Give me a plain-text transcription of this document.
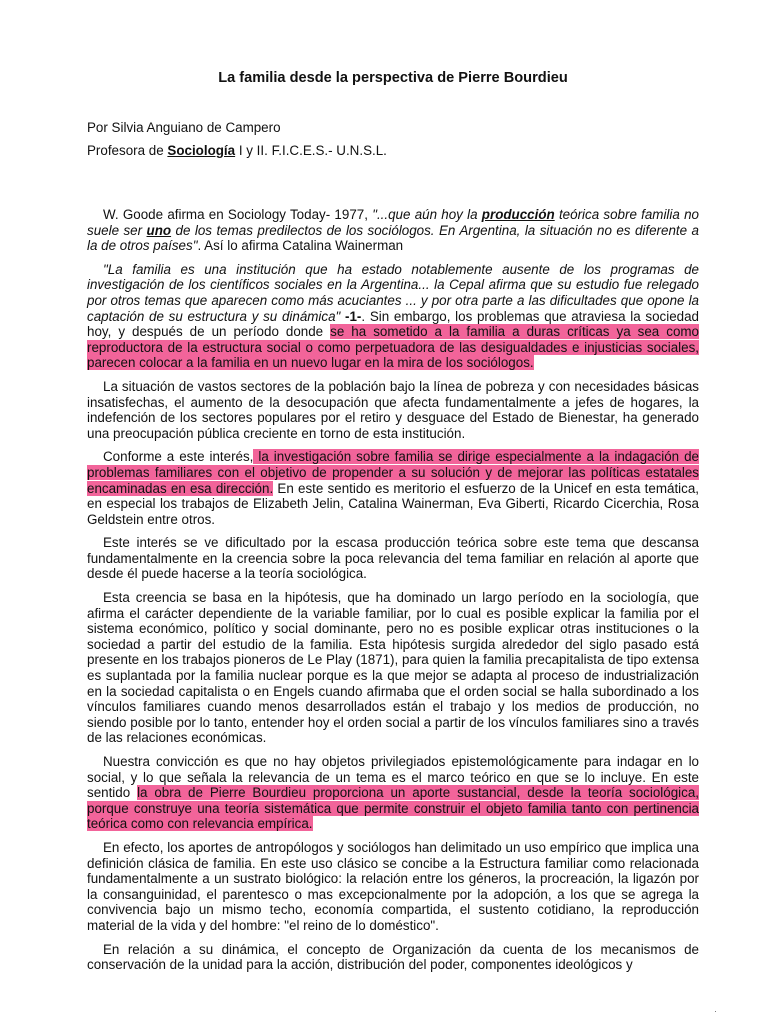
La familia desde la perspectiva de Pierre Bourdieu
Por Silvia Anguiano de Campero
Profesora de Sociología I y II. F.I.C.E.S.- U.N.S.L.

W. Goode afirma en Sociology Today- 1977, "...que aún hoy la producción teórica sobre familia no suele ser uno de los temas predilectos de los sociólogos. En Argentina, la situación no es diferente a la de otros países". Así lo afirma Catalina Wainerman

"La familia es una institución que ha estado notablemente ausente de los programas de investigación de los científicos sociales en la Argentina... la Cepal afirma que su estudio fue relegado por otros temas que aparecen como más acuciantes ... y por otra parte a las dificultades que opone la captación de su estructura y su dinámica" -1-. Sin embargo, los problemas que atraviesa la sociedad hoy, y después de un período donde se ha sometido a la familia a duras críticas ya sea como reproductora de la estructura social o como perpetuadora de las desigualdades e injusticias sociales, parecen colocar a la familia en un nuevo lugar en la mira de los sociólogos.

La situación de vastos sectores de la población bajo la línea de pobreza y con necesidades básicas insatisfechas, el aumento de la desocupación que afecta fundamentalmente a jefes de hogares, la indefención de los sectores populares por el retiro y desguace del Estado de Bienestar, ha generado una preocupación pública creciente en torno de esta institución.

Conforme a este interés, la investigación sobre familia se dirige especialmente a la indagación de problemas familiares con el objetivo de propender a su solución y de mejorar las políticas estatales encaminadas en esa dirección. En este sentido es meritorio el esfuerzo de la Unicef en esta temática, en especial los trabajos de Elizabeth Jelin, Catalina Wainerman, Eva Giberti, Ricardo Cicerchia, Rosa Geldstein entre otros.

Este interés se ve dificultado por la escasa producción teórica sobre este tema que descansa fundamentalmente en la creencia sobre la poca relevancia del tema familiar en relación al aporte que desde él puede hacerse a la teoría sociológica.

Esta creencia se basa en la hipótesis, que ha dominado un largo período en la sociología, que afirma el carácter dependiente de la variable familiar, por lo cual es posible explicar la familia por el sistema económico, político y social dominante, pero no es posible explicar otras instituciones o la sociedad a partir del estudio de la familia. Esta hipótesis surgida alrededor del siglo pasado está presente en los trabajos pioneros de Le Play (1871), para quien la familia precapitalista de tipo extensa es suplantada por la familia nuclear porque es la que mejor se adapta al proceso de industrialización en la sociedad capitalista o en Engels cuando afirmaba que el orden social se halla subordinado a los vínculos familiares cuando menos desarrollados están el trabajo y los medios de producción, no siendo posible por lo tanto, entender hoy el orden social a partir de los vínculos familiares sino a través de las relaciones económicas.

Nuestra convicción es que no hay objetos privilegiados epistemológicamente para indagar en lo social, y lo que señala la relevancia de un tema es el marco teórico en que se lo incluye. En este sentido la obra de Pierre Bourdieu proporciona un aporte sustancial, desde la teoría sociológica, porque construye una teoría sistemática que permite construir el objeto familia tanto con pertinencia teórica como con relevancia empírica.

En efecto, los aportes de antropólogos y sociólogos han delimitado un uso empírico que implica una definición clásica de familia. En este uso clásico se concibe a la Estructura familiar como relacionada fundamentalmente a un sustrato biológico: la relación entre los géneros, la procreación, la ligazón por la consanguinidad, el parentesco o mas excepcionalmente por la adopción, a los que se agrega la convivencia bajo un mismo techo, economía compartida, el sustento cotidiano, la reproducción material de la vida y del hombre: "el reino de lo doméstico".

En relación a su dinámica, el concepto de Organización da cuenta de los mecanismos de conservación de la unidad para la acción, distribución del poder, componentes ideológicos y

·
